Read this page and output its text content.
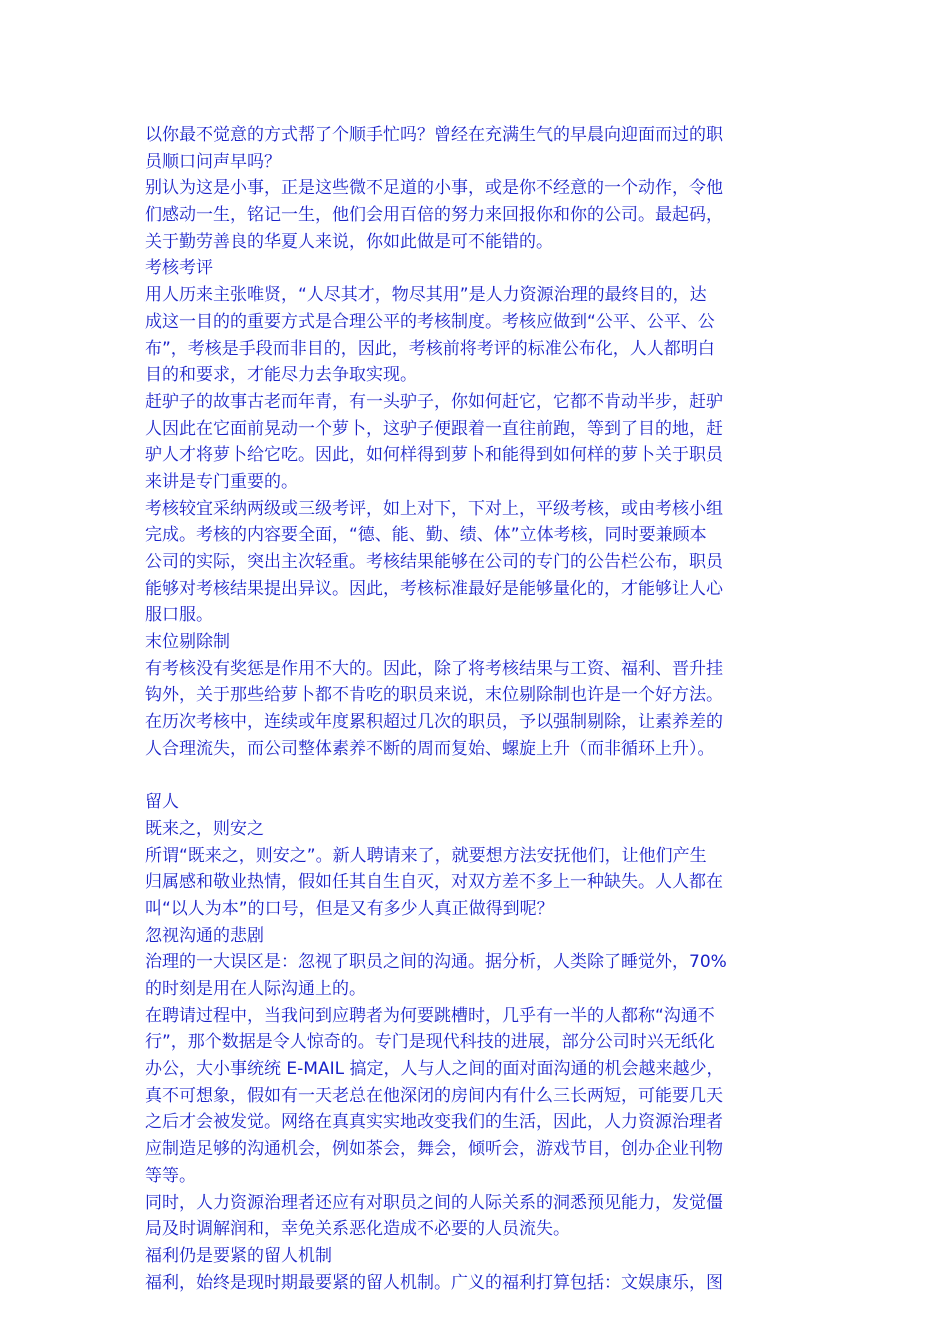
以你最不觉意的方式帮了个顺手忙吗？曾经在充满生气的早晨向迎面而过的职
员顺口问声早吗？
别认为这是小事，正是这些微不足道的小事，或是你不经意的一个动作，令他
们感动一生，铭记一生，他们会用百倍的努力来回报你和你的公司。最起码，
关于勤劳善良的华夏人来说，你如此做是可不能错的。
考核考评
用人历来主张唯贤，“人尽其才，物尽其用”是人力资源治理的最终目的，达
成这一目的的重要方式是合理公平的考核制度。考核应做到“公平、公平、公
布”，考核是手段而非目的，因此，考核前将考评的标准公布化，人人都明白
目的和要求，才能尽力去争取实现。
赶驴子的故事古老而年青，有一头驴子，你如何赶它，它都不肯动半步，赶驴
人因此在它面前晃动一个萝卜，这驴子便跟着一直往前跑，等到了目的地，赶
驴人才将萝卜给它吃。因此，如何样得到萝卜和能得到如何样的萝卜关于职员
来讲是专门重要的。
考核较宜采纳两级或三级考评，如上对下，下对上，平级考核，或由考核小组
完成。考核的内容要全面，“德、能、勤、绩、体”立体考核，同时要兼顾本
公司的实际，突出主次轻重。考核结果能够在公司的专门的公告栏公布，职员
能够对考核结果提出异议。因此，考核标准最好是能够量化的，才能够让人心
服口服。
末位剔除制
有考核没有奖惩是作用不大的。因此，除了将考核结果与工资、福利、晋升挂
钩外，关于那些给萝卜都不肯吃的职员来说，末位剔除制也许是一个好方法。
在历次考核中，连续或年度累积超过几次的职员，予以强制剔除，让素养差的
人合理流失，而公司整体素养不断的周而复始、螺旋上升（而非循环上升）。
留人
既来之，则安之
所谓“既来之，则安之”。新人聘请来了，就要想方法安抚他们，让他们产生
归属感和敬业热情，假如任其自生自灭，对双方差不多上一种缺失。人人都在
叫“以人为本”的口号，但是又有多少人真正做得到呢？
忽视沟通的悲剧
治理的一大误区是：忽视了职员之间的沟通。据分析，人类除了睡觉外，70%
的时刻是用在人际沟通上的。
在聘请过程中，当我问到应聘者为何要跳槽时，几乎有一半的人都称“沟通不
行”，那个数据是令人惊奇的。专门是现代科技的进展，部分公司时兴无纸化
办公，大小事统统 E-MAIL 搞定，人与人之间的面对面沟通的机会越来越少，
真不可想象，假如有一天老总在他深闭的房间内有什么三长两短，可能要几天
之后才会被发觉。网络在真真实实地改变我们的生活，因此，人力资源治理者
应制造足够的沟通机会，例如茶会，舞会，倾听会，游戏节目，创办企业刊物
等等。
同时，人力资源治理者还应有对职员之间的人际关系的洞悉预见能力，发觉僵
局及时调解润和，幸免关系恶化造成不必要的人员流失。
福利仍是要紧的留人机制
福利，始终是现时期最要紧的留人机制。广义的福利打算包括：文娱康乐，图
